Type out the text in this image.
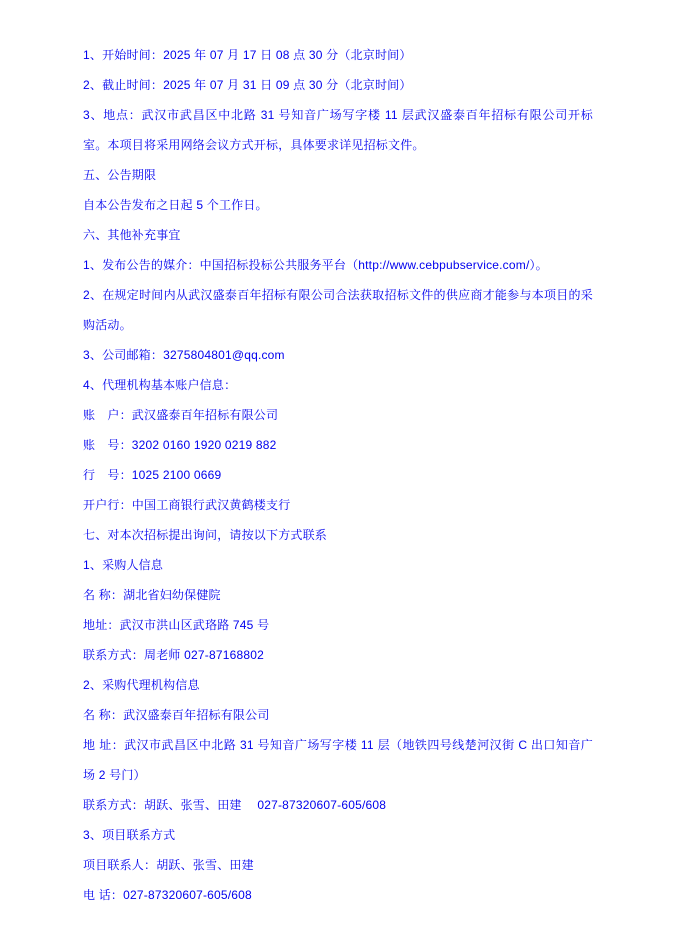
1、开始时间：2025 年 07 月 17 日 08 点 30 分（北京时间）

2、截止时间：2025 年 07 月 31 日 09 点 30 分（北京时间）

3、地点：武汉市武昌区中北路 31 号知音广场写字楼 11 层武汉盛泰百年招标有限公司开标室。本项目将采用网络会议方式开标，具体要求详见招标文件。

五、公告期限

自本公告发布之日起 5 个工作日。

六、其他补充事宜

1、发布公告的媒介：中国招标投标公共服务平台（http://www.cebpubservice.com/）。

2、在规定时间内从武汉盛泰百年招标有限公司合法获取招标文件的供应商才能参与本项目的采购活动。

3、公司邮箱：3275804801@qq.com

4、代理机构基本账户信息：

账　户：武汉盛泰百年招标有限公司

账　号：3202 0160 1920 0219 882

行　号：1025 2100 0669

开户行：中国工商银行武汉黄鹤楼支行

七、对本次招标提出询问，请按以下方式联系

1、采购人信息

名 称：湖北省妇幼保健院

地址：武汉市洪山区武珞路 745 号

联系方式：周老师 027-87168802

2、采购代理机构信息

名 称：武汉盛泰百年招标有限公司

地 址：武汉市武昌区中北路 31 号知音广场写字楼 11 层（地铁四号线楚河汉街 C 出口知音广场 2 号门）

联系方式：胡跃、张雪、田建　 027-87320607-605/608

3、项目联系方式

项目联系人：胡跃、张雪、田建

电 话：027-87320607-605/608
